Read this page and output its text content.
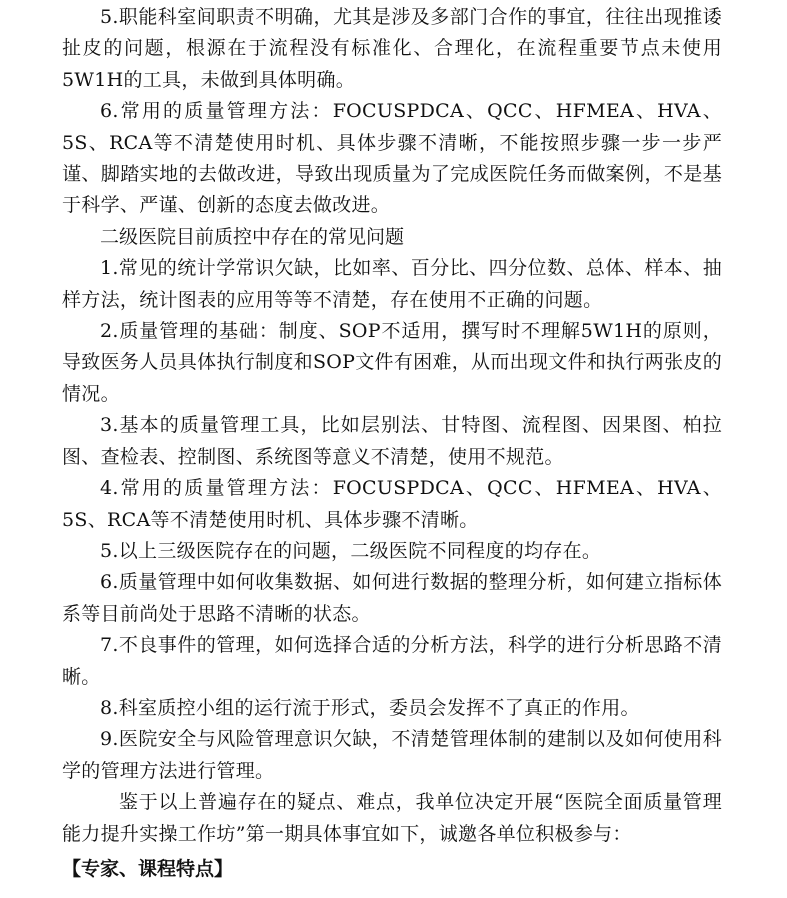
5.职能科室间职责不明确，尤其是涉及多部门合作的事宜，往往出现推诿扯皮的问题，根源在于流程没有标准化、合理化，在流程重要节点未使用5W1H的工具，未做到具体明确。

6.常用的质量管理方法：FOCUSPDCA、QCC、HFMEA、HVA、5S、RCA等不清楚使用时机、具体步骤不清晰，不能按照步骤一步一步严谨、脚踏实地的去做改进，导致出现质量为了完成医院任务而做案例，不是基于科学、严谨、创新的态度去做改进。

二级医院目前质控中存在的常见问题

1.常见的统计学常识欠缺，比如率、百分比、四分位数、总体、样本、抽样方法，统计图表的应用等等不清楚，存在使用不正确的问题。

2.质量管理的基础：制度、SOP不适用，撰写时不理解5W1H的原则，导致医务人员具体执行制度和SOP文件有困难，从而出现文件和执行两张皮的情况。

3.基本的质量管理工具，比如层别法、甘特图、流程图、因果图、柏拉图、查检表、控制图、系统图等意义不清楚，使用不规范。

4.常用的质量管理方法：FOCUSPDCA、QCC、HFMEA、HVA、5S、RCA等不清楚使用时机、具体步骤不清晰。

5.以上三级医院存在的问题，二级医院不同程度的均存在。

6.质量管理中如何收集数据、如何进行数据的整理分析，如何建立指标体系等目前尚处于思路不清晰的状态。

7.不良事件的管理，如何选择合适的分析方法，科学的进行分析思路不清晰。

8.科室质控小组的运行流于形式，委员会发挥不了真正的作用。

9.医院安全与风险管理意识欠缺，不清楚管理体制的建制以及如何使用科学的管理方法进行管理。

鉴于以上普遍存在的疑点、难点，我单位决定开展“医院全面质量管理能力提升实操工作坊”第一期具体事宜如下，诚邀各单位积极参与：

【专家、课程特点】
